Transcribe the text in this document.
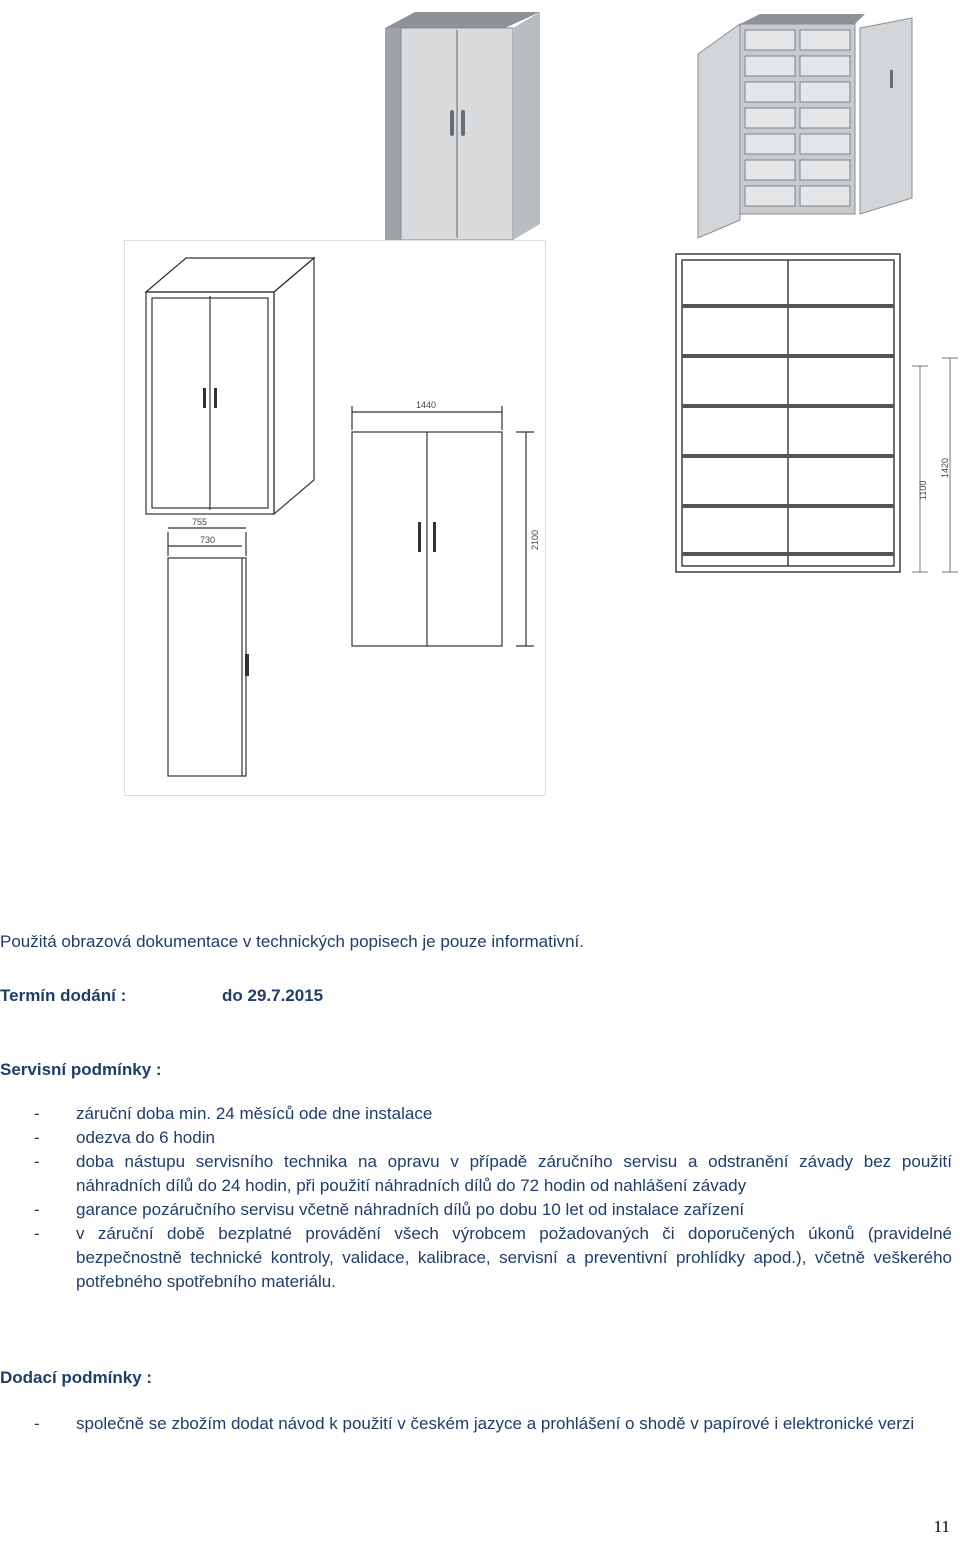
755
730
1440
2100
1100
1420
Použitá obrazová dokumentace v technických popisech je pouze informativní.
Termín dodání :	do 29.7.2015
Servisní podmínky :
- záruční doba min. 24 měsíců ode dne instalace
- odezva do 6 hodin
- doba nástupu servisního technika na opravu v případě záručního servisu a odstranění závady bez použití náhradních dílů do 24 hodin, při použití náhradních dílů do 72 hodin od nahlášení závady
- garance pozáručního servisu včetně náhradních dílů po dobu 10 let od instalace zařízení
- v záruční době bezplatné provádění všech výrobcem požadovaných či doporučených úkonů (pravidelné bezpečnostně technické kontroly, validace, kalibrace, servisní a preventivní prohlídky apod.), včetně veškerého potřebného spotřebního materiálu.
Dodací podmínky :
- společně se zbožím dodat návod k použití v českém jazyce a prohlášení o shodě v papírové i elektronické verzi
11
